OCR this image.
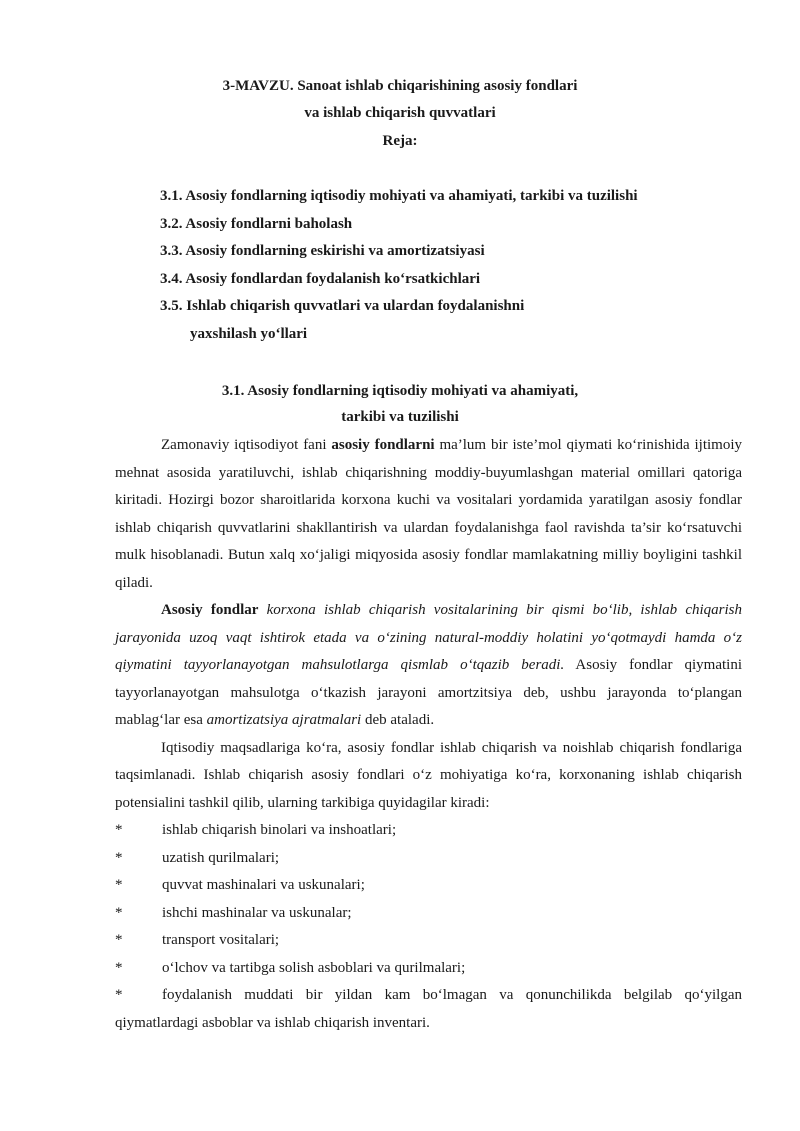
3-MAVZU. Sanoat ishlab chiqarishining asosiy fondlari
va ishlab chiqarish quvvatlari
Reja:
3.1. Asosiy fondlarning iqtisodiy mohiyati va ahamiyati, tarkibi va tuzilishi
3.2. Asosiy fondlarni baholash
3.3. Asosiy fondlarning eskirishi va amortizatsiyasi
3.4. Asosiy fondlardan foydalanish ko‘rsatkichlari
3.5. Ishlab chiqarish quvvatlari va ulardan foydalanishni
yaxshilash yo‘llari
3.1. Asosiy fondlarning iqtisodiy mohiyati va ahamiyati,
tarkibi va tuzilishi

Zamonaviy iqtisodiyot fani asosiy fondlarni ma’lum bir iste’mol qiymati ko‘rinishida ijtimoiy mehnat asosida yaratiluvchi, ishlab chiqarishning moddiy-buyumlashgan material omillari qatoriga kiritadi. Hozirgi bozor sharoitlarida korxona kuchi va vositalari yordamida yaratilgan asosiy fondlar ishlab chiqarish quvvatlarini shakllantirish va ulardan foydalanishga faol ravishda ta’sir ko‘rsatuvchi mulk hisoblanadi. Butun xalq xo‘jaligi miqyosida asosiy fondlar mamlakatning milliy boyligini tashkil qiladi.

Asosiy fondlar korxona ishlab chiqarish vositalarining bir qismi bo‘lib, ishlab chiqarish jarayonida uzoq vaqt ishtirok etada va o‘zining natural-moddiy holatini yo‘qotmaydi hamda o‘z qiymatini tayyorlanayotgan mahsulotlarga qismlab o‘tqazib beradi. Asosiy fondlar qiymatini tayyorlanayotgan mahsulotga o‘tkazish jarayoni amortzitsiya deb, ushbu jarayonda to‘plangan mablag‘lar esa amortizatsiya ajratmalari deb ataladi.

Iqtisodiy maqsadlariga ko‘ra, asosiy fondlar ishlab chiqarish va noishlab chiqarish fondlariga taqsimlanadi. Ishlab chiqarish asosiy fondlari o‘z mohiyatiga ko‘ra, korxonaning ishlab chiqarish potensialini tashkil qilib, ularning tarkibiga quyidagilar kiradi:

*	ishlab chiqarish binolari va inshoatlari;
*	uzatish qurilmalari;
*	quvvat mashinalari va uskunalari;
*	ishchi mashinalar va uskunalar;
*	transport vositalari;
*	o‘lchov va tartibga solish asboblari va qurilmalari;
*	foydalanish muddati bir yildan kam bo‘lmagan va qonunchilikda belgilab qo‘yilgan qiymatlardagi asboblar va ishlab chiqarish inventari.
